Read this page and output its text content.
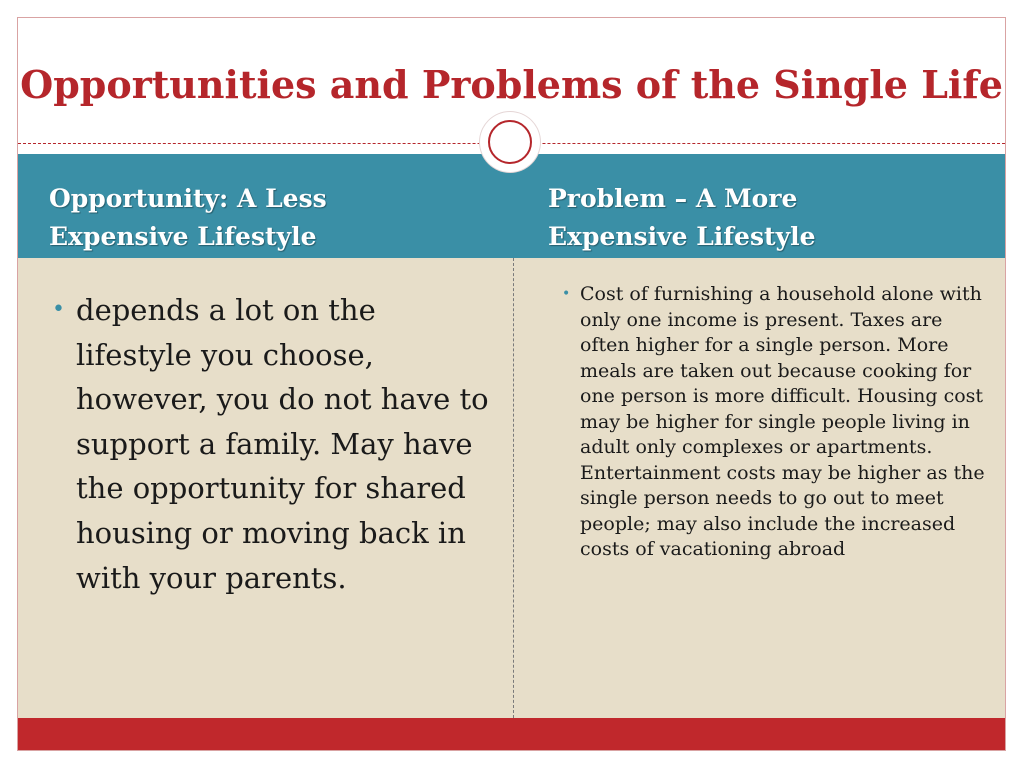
Opportunities and Problems of the Single Life
Opportunity: A Less
Expensive Lifestyle
Problem – A More
Expensive Lifestyle

• depends a lot on the lifestyle you choose, however, you do not have to support a family. May have the opportunity for shared housing or moving back in with your parents.

• Cost of furnishing a household alone with only one income is present. Taxes are often higher for a single person. More meals are taken out because cooking for one person is more difficult. Housing cost may be higher for single people living in adult only complexes or apartments. Entertainment costs may be higher as the single person needs to go out to meet people; may also include the increased costs of vacationing abroad
